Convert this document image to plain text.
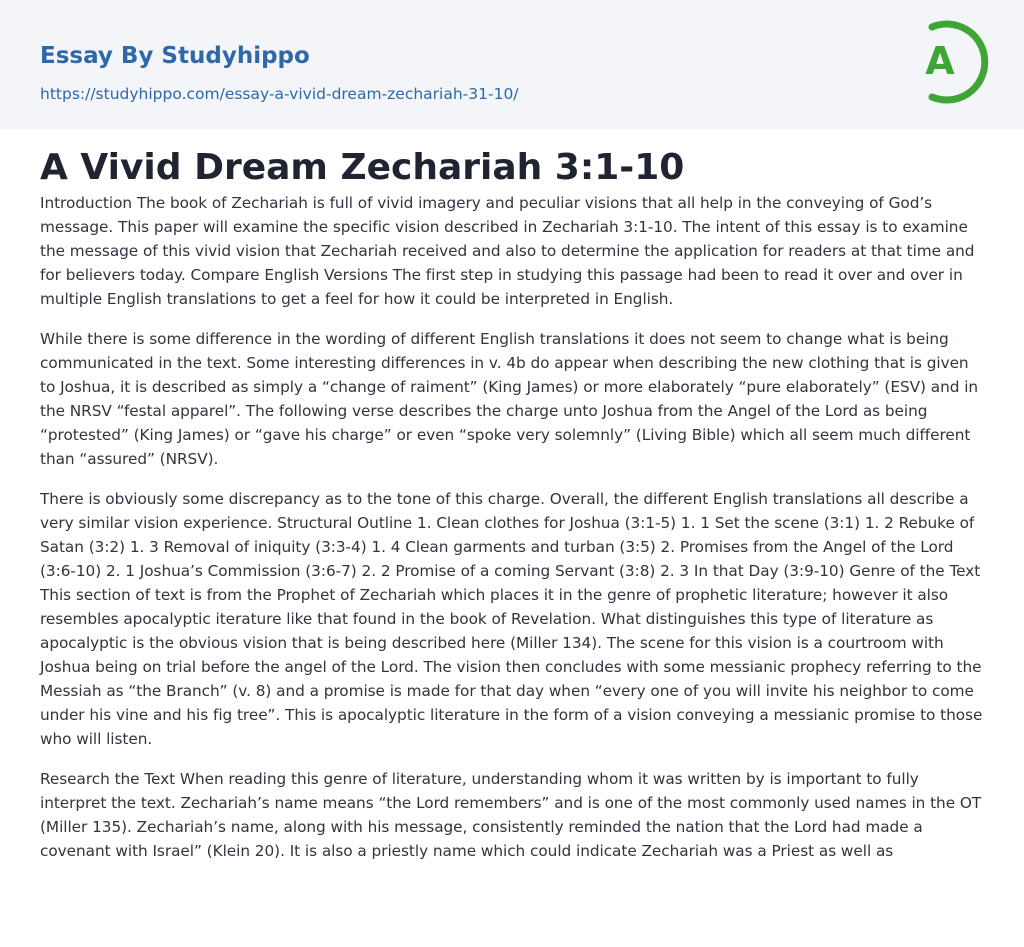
Essay By Studyhippo
https://studyhippo.com/essay-a-vivid-dream-zechariah-31-10/
A
A Vivid Dream Zechariah 3:1-10

Introduction The book of Zechariah is full of vivid imagery and peculiar visions that all help in the conveying of God’s message. This paper will examine the specific vision described in Zechariah 3:1-10. The intent of this essay is to examine the message of this vivid vision that Zechariah received and also to determine the application for readers at that time and for believers today. Compare English Versions The first step in studying this passage had been to read it over and over in multiple English translations to get a feel for how it could be interpreted in English.

While there is some difference in the wording of different English translations it does not seem to change what is being communicated in the text. Some interesting differences in v. 4b do appear when describing the new clothing that is given to Joshua, it is described as simply a “change of raiment” (King James) or more elaborately “pure elaborately” (ESV) and in the NRSV “festal apparel”. The following verse describes the charge unto Joshua from the Angel of the Lord as being “protested” (King James) or “gave his charge” or even “spoke very solemnly” (Living Bible) which all seem much different than “assured” (NRSV).

There is obviously some discrepancy as to the tone of this charge. Overall, the different English translations all describe a very similar vision experience. Structural Outline 1. Clean clothes for Joshua (3:1-5) 1. 1 Set the scene (3:1) 1. 2 Rebuke of Satan (3:2) 1. 3 Removal of iniquity (3:3-4) 1. 4 Clean garments and turban (3:5) 2. Promises from the Angel of the Lord (3:6-10) 2. 1 Joshua’s Commission (3:6-7) 2. 2 Promise of a coming Servant (3:8) 2. 3 In that Day (3:9-10) Genre of the Text This section of text is from the Prophet of Zechariah which places it in the genre of prophetic literature; however it also resembles apocalyptic iterature like that found in the book of Revelation. What distinguishes this type of literature as apocalyptic is the obvious vision that is being described here (Miller 134). The scene for this vision is a courtroom with Joshua being on trial before the angel of the Lord. The vision then concludes with some messianic prophecy referring to the Messiah as “the Branch” (v. 8) and a promise is made for that day when “every one of you will invite his neighbor to come under his vine and his fig tree”. This is apocalyptic literature in the form of a vision conveying a messianic promise to those who will listen.

Research the Text When reading this genre of literature, understanding whom it was written by is important to fully interpret the text. Zechariah’s name means “the Lord remembers” and is one of the most commonly used names in the OT (Miller 135). Zechariah’s name, along with his message, consistently reminded the nation that the Lord had made a covenant with Israel” (Klein 20). It is also a priestly name which could indicate Zechariah was a Priest as well as
